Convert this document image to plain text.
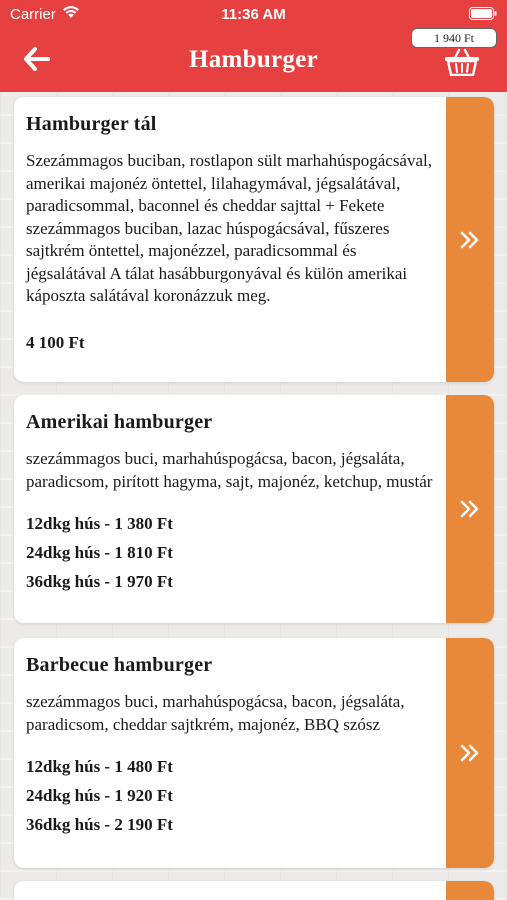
Carrier	11:36 AM
Hamburger
1 940 Ft
Hamburger tál
Szezámmagos buciban, rostlapon sült marhahúspogácsával, amerikai majonéz öntettel, lilahagymával, jégsalátával, paradicsommal, baconnel és cheddar sajttal + Fekete szezámmagos buciban, lazac húspogácsával, fűszeres sajtkrém öntettel, majonézzel, paradicsommal és jégsalátával A tálat hasábburgonyával és külön amerikai káposzta salátával koronázzuk meg.
4 100 Ft
Amerikai hamburger
szezámmagos buci, marhahúspogácsa, bacon, jégsaláta, paradicsom, pirított hagyma, sajt, majonéz, ketchup, mustár
12dkg hús - 1 380 Ft
24dkg hús - 1 810 Ft
36dkg hús - 1 970 Ft
Barbecue hamburger
szezámmagos buci, marhahúspogácsa, bacon, jégsaláta, paradicsom, cheddar sajtkrém, majonéz, BBQ szósz
12dkg hús - 1 480 Ft
24dkg hús - 1 920 Ft
36dkg hús - 2 190 Ft
